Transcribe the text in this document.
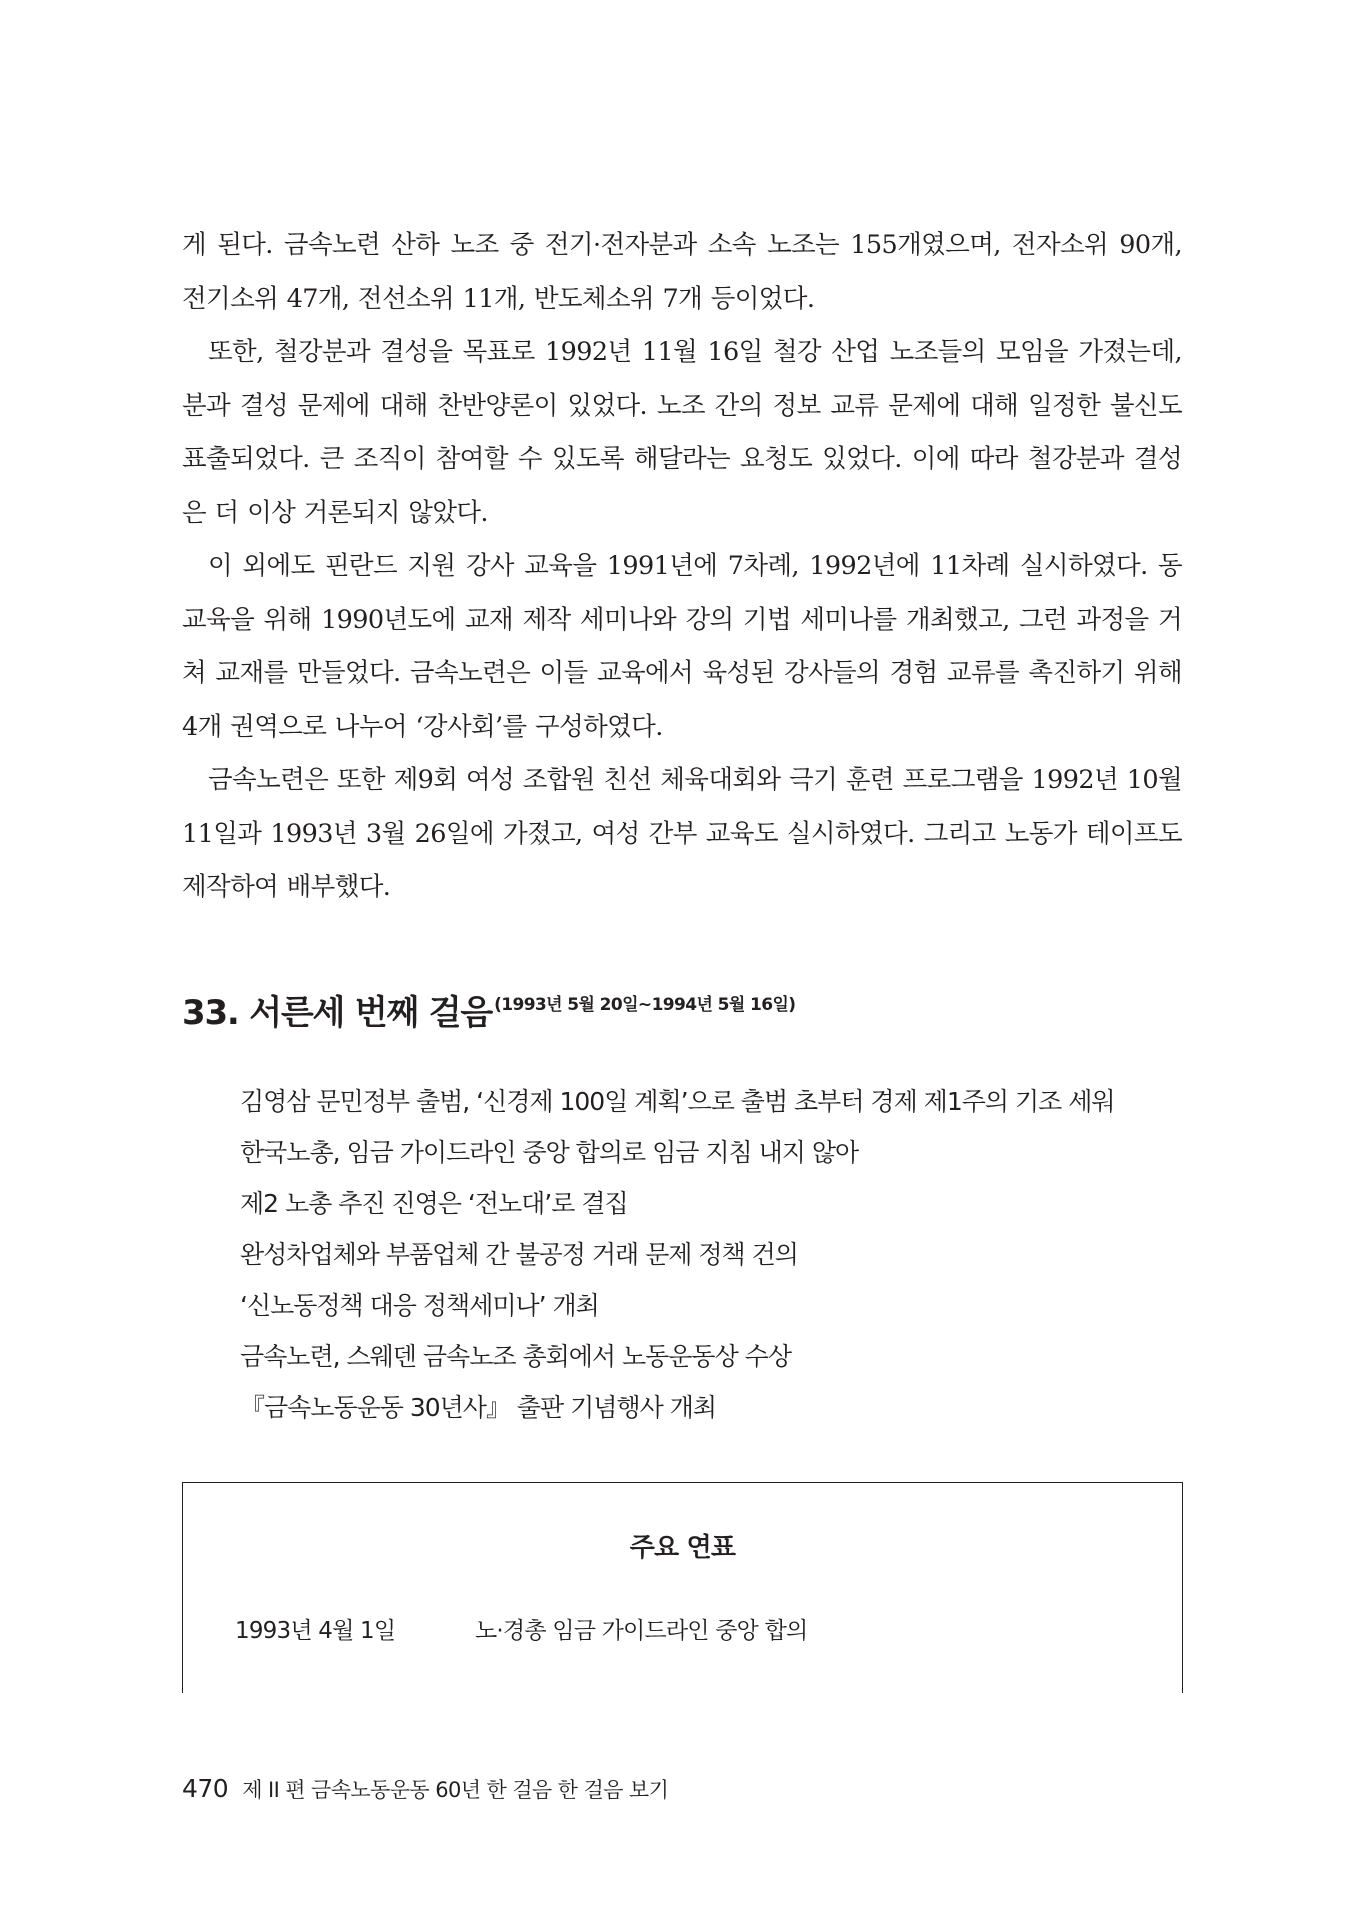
게 된다. 금속노련 산하 노조 중 전기·전자분과 소속 노조는 155개였으며, 전자소위 90개, 전기소위 47개, 전선소위 11개, 반도체소위 7개 등이었다.

또한, 철강분과 결성을 목표로 1992년 11월 16일 철강 산업 노조들의 모임을 가졌는데, 분과 결성 문제에 대해 찬반양론이 있었다. 노조 간의 정보 교류 문제에 대해 일정한 불신도 표출되었다. 큰 조직이 참여할 수 있도록 해달라는 요청도 있었다. 이에 따라 철강분과 결성은 더 이상 거론되지 않았다.

이 외에도 핀란드 지원 강사 교육을 1991년에 7차례, 1992년에 11차례 실시하였다. 동 교육을 위해 1990년도에 교재 제작 세미나와 강의 기법 세미나를 개최했고, 그런 과정을 거쳐 교재를 만들었다. 금속노련은 이들 교육에서 육성된 강사들의 경험 교류를 촉진하기 위해 4개 권역으로 나누어 ‘강사회’를 구성하였다.

금속노련은 또한 제9회 여성 조합원 친선 체육대회와 극기 훈련 프로그램을 1992년 10월 11일과 1993년 3월 26일에 가졌고, 여성 간부 교육도 실시하였다. 그리고 노동가 테이프도 제작하여 배부했다.

33. 서른세 번째 걸음 $^{(1993년 5월 20일\sim 1994년 5월 16일)}$
김영삼 문민정부 출범, ‘신경제 100일 계획’으로 출범 초부터 경제 제1주의 기조 세워
한국노총, 임금 가이드라인 중앙 합의로 임금 지침 내지 않아
제2 노총 추진 진영은 ‘전노대’로 결집
완성차업체와 부품업체 간 불공정 거래 문제 정책 건의
‘신노동정책 대응 정책세미나’ 개최
금속노련, 스웨덴 금속노조 총회에서 노동운동상 수상
『금속노동운동 30년사』 출판 기념행사 개최
주요 연표
1993년 4월 1일	노·경총 임금 가이드라인 중앙 합의
470 제 II 편 금속노동운동 60년 한 걸음 한 걸음 보기
